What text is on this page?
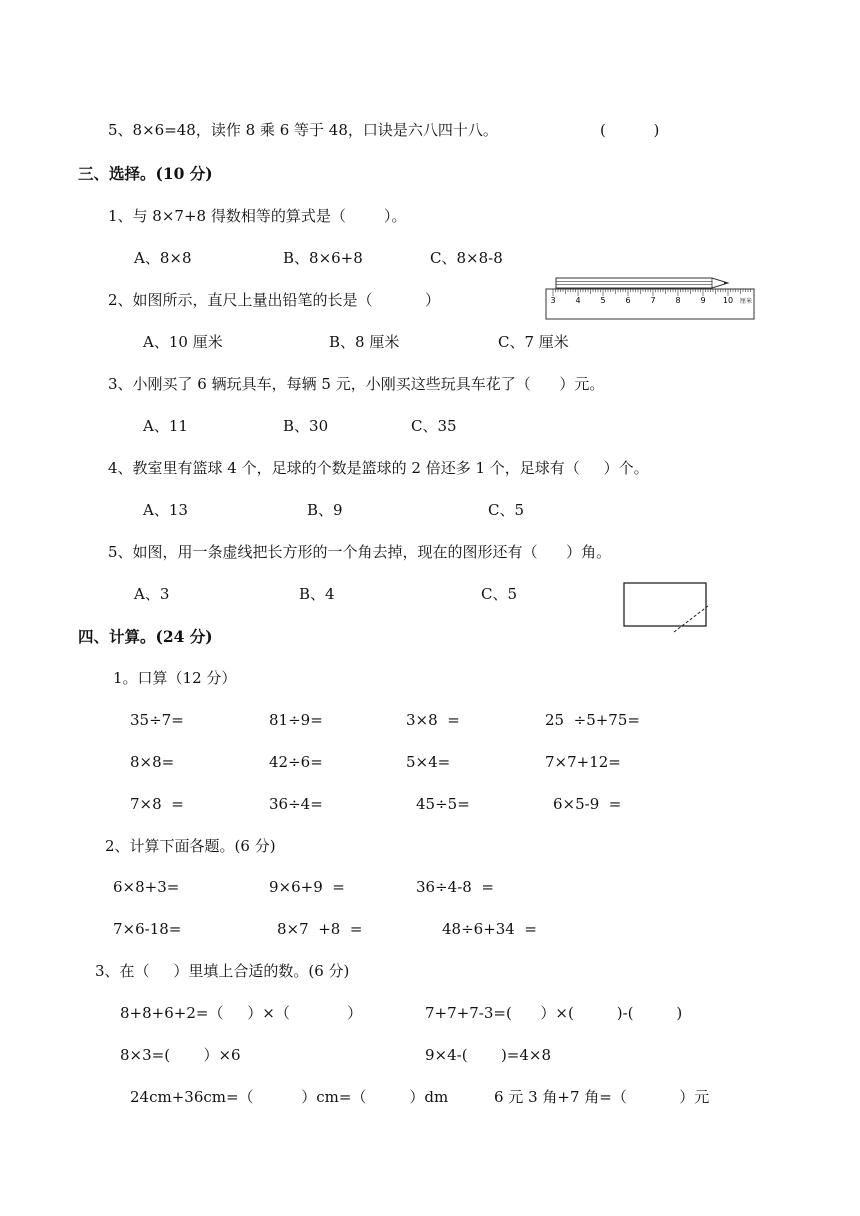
5、8×6=48，读作 8 乘 6 等于 48，口诀是六八四十八。	(          )
三、选择。(10 分)
1、与 8×7+8 得数相等的算式是（        ）。
A、8×8	B、8×6+8	C、8×8-8
2、如图所示，直尺上量出铅笔的长是（           ）	3 4 5 6 7 8 9 10 厘米
A、10 厘米	B、8 厘米	C、7 厘米
3、小刚买了 6 辆玩具车，每辆 5 元，小刚买这些玩具车花了（      ）元。
A、11	B、30	C、35
4、教室里有篮球 4 个，足球的个数是篮球的 2 倍还多 1 个，足球有（     ）个。
A、13	B、9	C、5
5、如图，用一条虚线把长方形的一个角去掉，现在的图形还有（      ）角。
A、3	B、4	C、5
四、计算。(24 分)
1。口算（12 分）
35÷7=	81÷9=	3×8  =	25  ÷5+75=
8×8=	42÷6=	5×4=	7×7+12=
7×8  =	36÷4=	45÷5=	6×5-9  =
2、计算下面各题。(6 分)
6×8+3=	9×6+9  =	36÷4-8  =
7×6-18=	8×7  +8  =	48÷6+34  =
3、在（     ）里填上合适的数。(6 分)
8+8+6+2=（     ）×（            ）	7+7+7-3=(      ）×(         )-(         )
8×3=(       ）×6	9×4-(       )=4×8
24cm+36cm=（          ）cm=（         ）dm	6 元 3 角+7 角=（           ）元
